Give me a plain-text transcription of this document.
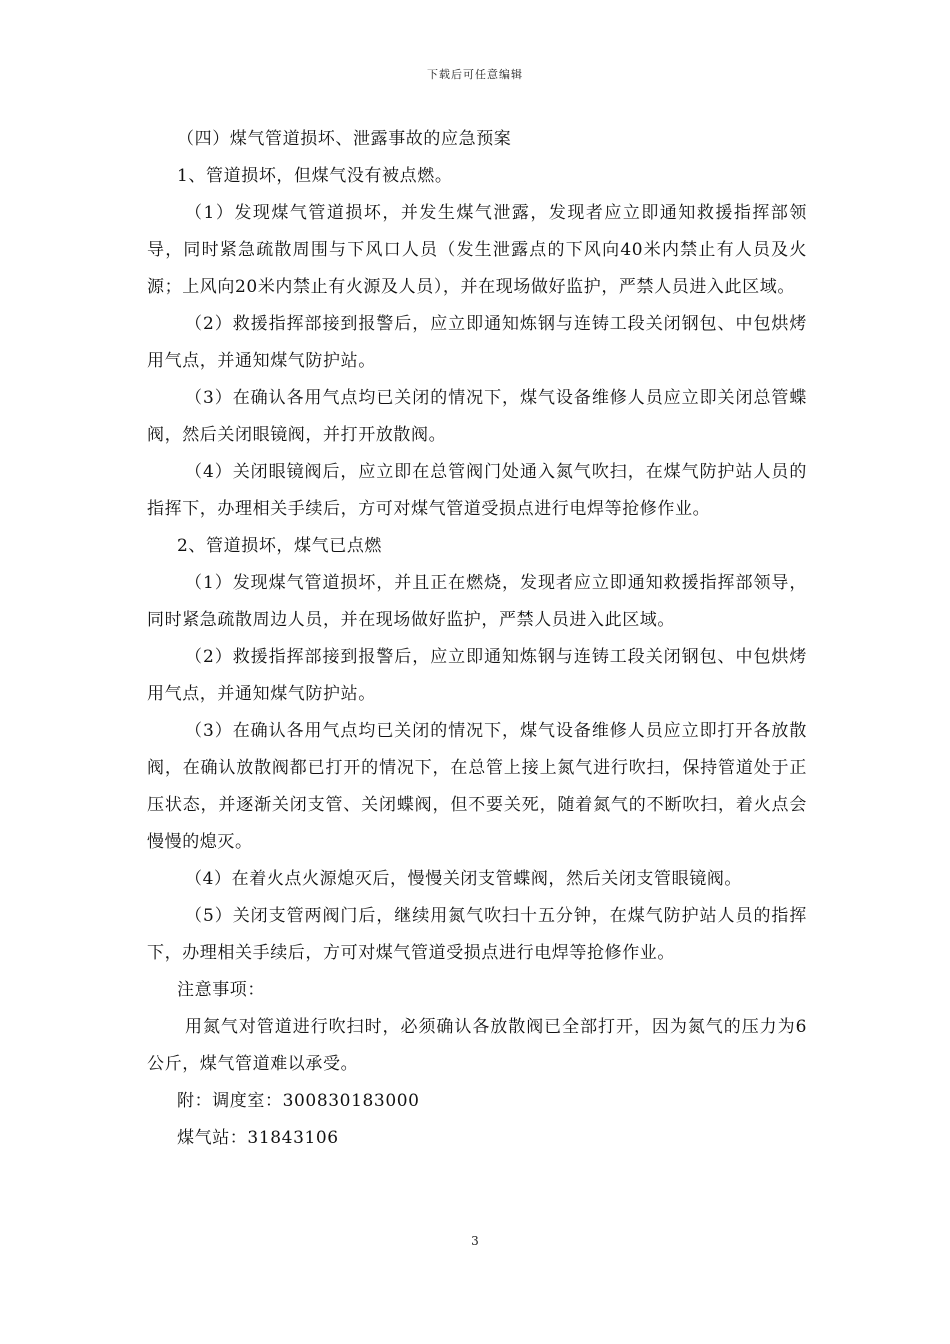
下载后可任意编辑

（四）煤气管道损坏、泄露事故的应急预案

1、管道损坏，但煤气没有被点燃。

（1）发现煤气管道损坏，并发生煤气泄露，发现者应立即通知救援指挥部领导，同时紧急疏散周围与下风口人员（发生泄露点的下风向40米内禁止有人员及火源；上风向20米内禁止有火源及人员），并在现场做好监护，严禁人员进入此区域。

（2）救援指挥部接到报警后，应立即通知炼钢与连铸工段关闭钢包、中包烘烤用气点，并通知煤气防护站。

（3）在确认各用气点均已关闭的情况下，煤气设备维修人员应立即关闭总管蝶阀，然后关闭眼镜阀，并打开放散阀。

（4）关闭眼镜阀后，应立即在总管阀门处通入氮气吹扫，在煤气防护站人员的指挥下，办理相关手续后，方可对煤气管道受损点进行电焊等抢修作业。

2、管道损坏，煤气已点燃

（1）发现煤气管道损坏，并且正在燃烧，发现者应立即通知救援指挥部领导，同时紧急疏散周边人员，并在现场做好监护，严禁人员进入此区域。

（2）救援指挥部接到报警后，应立即通知炼钢与连铸工段关闭钢包、中包烘烤用气点，并通知煤气防护站。

（3）在确认各用气点均已关闭的情况下，煤气设备维修人员应立即打开各放散阀，在确认放散阀都已打开的情况下，在总管上接上氮气进行吹扫，保持管道处于正压状态，并逐渐关闭支管、关闭蝶阀，但不要关死，随着氮气的不断吹扫，着火点会慢慢的熄灭。

（4）在着火点火源熄灭后，慢慢关闭支管蝶阀，然后关闭支管眼镜阀。

（5）关闭支管两阀门后，继续用氮气吹扫十五分钟，在煤气防护站人员的指挥下，办理相关手续后，方可对煤气管道受损点进行电焊等抢修作业。

注意事项：

用氮气对管道进行吹扫时，必须确认各放散阀已全部打开，因为氮气的压力为6公斤，煤气管道难以承受。

附：调度室：300830183000

煤气站：31843106

3
